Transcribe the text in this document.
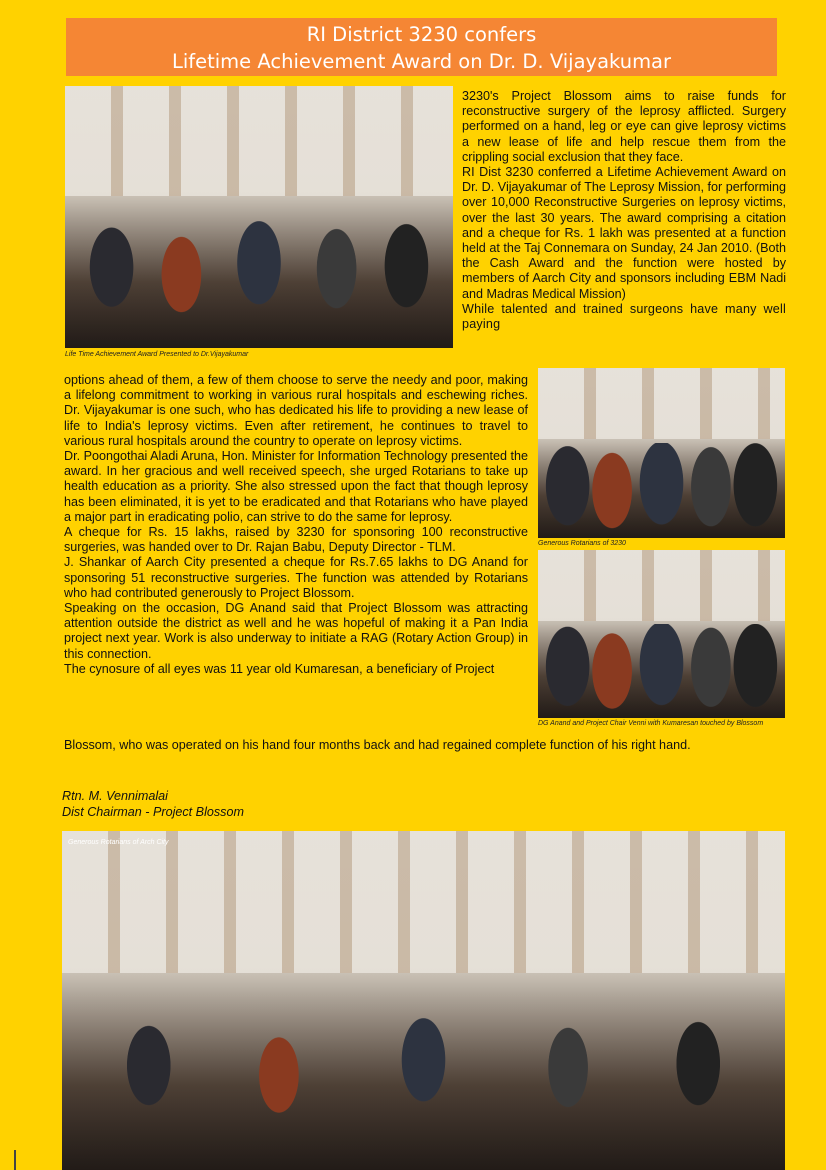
RI District 3230 confers
Lifetime Achievement Award on Dr. D. Vijayakumar
Life Time Achievement Award Presented to Dr.Vijayakumar
Generous Rotarians of 3230
DG Anand and Project Chair Venni with Kumaresan touched by Blossom

3230's Project Blossom aims to raise funds for reconstructive surgery of the leprosy afflicted. Surgery performed on a hand, leg or eye can give leprosy victims a new lease of life and help rescue them from the crippling social exclusion that they face.

RI Dist 3230 conferred a Lifetime Achievement Award on Dr. D. Vijayakumar of The Leprosy Mission, for performing over 10,000 Reconstructive Surgeries on leprosy victims, over the last 30 years. The award comprising a citation and a cheque for Rs. 1 lakh was presented at a function held at the Taj Connemara on Sunday, 24 Jan 2010. (Both the Cash Award and the function were hosted by members of Aarch City and sponsors including EBM Nadi and Madras Medical Mission)

While talented and trained surgeons have many well paying

options ahead of them, a few of them choose to serve the needy and poor, making a lifelong commitment to working in various rural hospitals and eschewing riches. Dr. Vijayakumar is one such, who has dedicated his life to providing a new lease of life to India's leprosy victims. Even after retirement, he continues to travel to various rural hospitals around the country to operate on leprosy victims.

Dr. Poongothai Aladi Aruna, Hon. Minister for Information Technology presented the award. In her gracious and well received speech, she urged Rotarians to take up health education as a priority. She also stressed upon the fact that though leprosy has been eliminated, it is yet to be eradicated and that Rotarians who have played a major part in eradicating polio, can strive to do the same for leprosy.

A cheque for Rs. 15 lakhs, raised by 3230 for sponsoring 100 reconstructive surgeries, was handed over to Dr. Rajan Babu, Deputy Director - TLM.

J. Shankar of Aarch City presented a cheque for Rs.7.65 lakhs to DG Anand for sponsoring 51 reconstructive surgeries. The function was attended by Rotarians who had contributed generously to Project Blossom.

Speaking on the occasion, DG Anand said that Project Blossom was attracting attention outside the district as well and he was hopeful of making it a Pan India project next year. Work is also underway to initiate a RAG (Rotary Action Group) in this connection.

The cynosure of all eyes was 11 year old Kumaresan, a beneficiary of Project

Blossom, who was operated on his hand four months back and had regained complete function of his right hand.
Rtn. M. Vennimalai
Dist Chairman - Project Blossom
Generous Rotarians of Arch City
